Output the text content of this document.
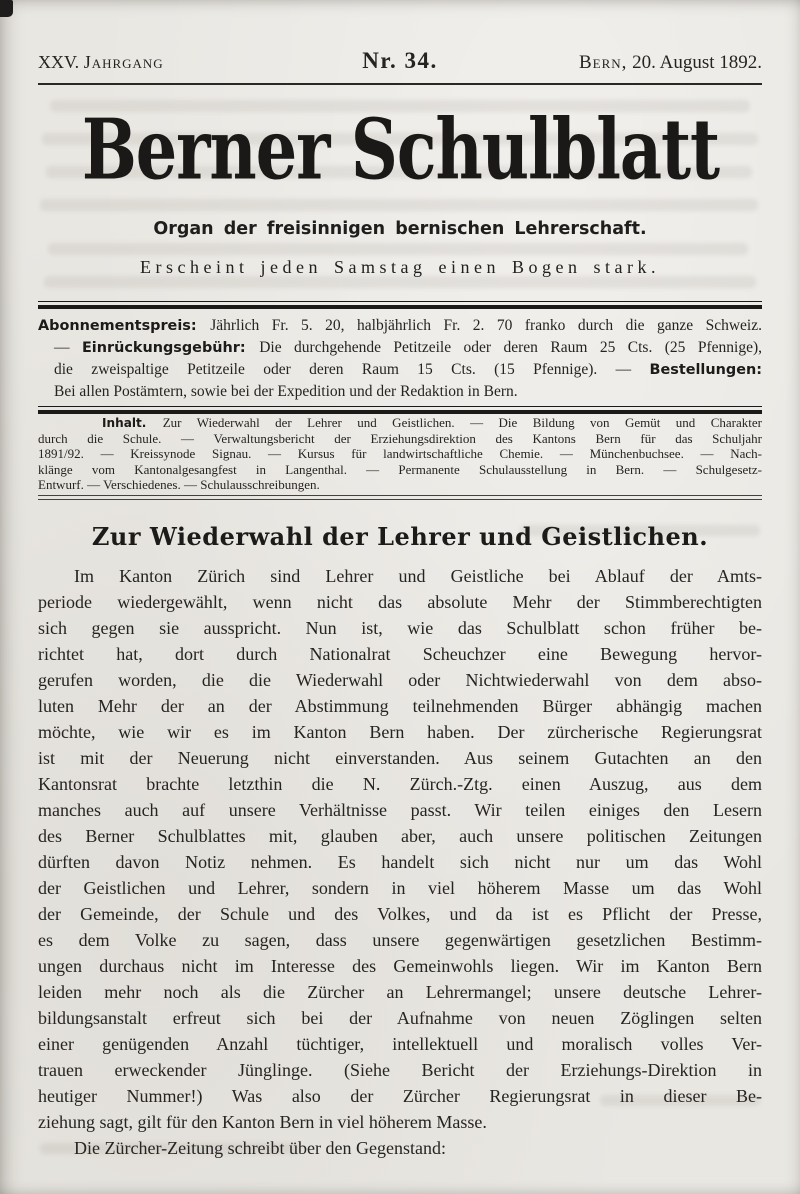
XXV. Jahrgang	Nr. 34.	Bern, 20. August 1892.
Berner Schulblatt
Organ der freisinnigen bernischen Lehrerschaft.
Erscheint jeden Samstag einen Bogen stark.
Abonnementspreis: Jährlich Fr. 5. 20, halbjährlich Fr. 2. 70 franko durch die ganze Schweiz.
— Einrückungsgebühr: Die durchgehende Petitzeile oder deren Raum 25 Cts. (25 Pfennige),
die zweispaltige Petitzeile oder deren Raum 15 Cts. (15 Pfennige). — Bestellungen:
Bei allen Postämtern, sowie bei der Expedition und der Redaktion in Bern.
Inhalt. Zur Wiederwahl der Lehrer und Geistlichen. — Die Bildung von Gemüt und Charakter
durch die Schule. — Verwaltungsbericht der Erziehungsdirektion des Kantons Bern für das Schuljahr
1891/92. — Kreissynode Signau. — Kursus für landwirtschaftliche Chemie. — Münchenbuchsee. — Nach-
klänge vom Kantonalgesangfest in Langenthal. — Permanente Schulausstellung in Bern. — Schulgesetz-
Entwurf. — Verschiedenes. — Schulausschreibungen.
Zur Wiederwahl der Lehrer und Geistlichen.
Im Kanton Zürich sind Lehrer und Geistliche bei Ablauf der Amts-
periode wiedergewählt, wenn nicht das absolute Mehr der Stimmberechtigten
sich gegen sie ausspricht. Nun ist, wie das Schulblatt schon früher be-
richtet hat, dort durch Nationalrat Scheuchzer eine Bewegung hervor-
gerufen worden, die die Wiederwahl oder Nichtwiederwahl von dem abso-
luten Mehr der an der Abstimmung teilnehmenden Bürger abhängig machen
möchte, wie wir es im Kanton Bern haben. Der zürcherische Regierungsrat
ist mit der Neuerung nicht einverstanden. Aus seinem Gutachten an den
Kantonsrat brachte letzthin die N. Zürch.-Ztg. einen Auszug, aus dem
manches auch auf unsere Verhältnisse passt. Wir teilen einiges den Lesern
des Berner Schulblattes mit, glauben aber, auch unsere politischen Zeitungen
dürften davon Notiz nehmen. Es handelt sich nicht nur um das Wohl
der Geistlichen und Lehrer, sondern in viel höherem Masse um das Wohl
der Gemeinde, der Schule und des Volkes, und da ist es Pflicht der Presse,
es dem Volke zu sagen, dass unsere gegenwärtigen gesetzlichen Bestimm-
ungen durchaus nicht im Interesse des Gemeinwohls liegen. Wir im Kanton Bern
leiden mehr noch als die Zürcher an Lehrermangel; unsere deutsche Lehrer-
bildungsanstalt erfreut sich bei der Aufnahme von neuen Zöglingen selten
einer genügenden Anzahl tüchtiger, intellektuell und moralisch volles Ver-
trauen erweckender Jünglinge. (Siehe Bericht der Erziehungs-Direktion in
heutiger Nummer!) Was also der Zürcher Regierungsrat in dieser Be-
ziehung sagt, gilt für den Kanton Bern in viel höherem Masse.
Die Zürcher-Zeitung schreibt über den Gegenstand:
